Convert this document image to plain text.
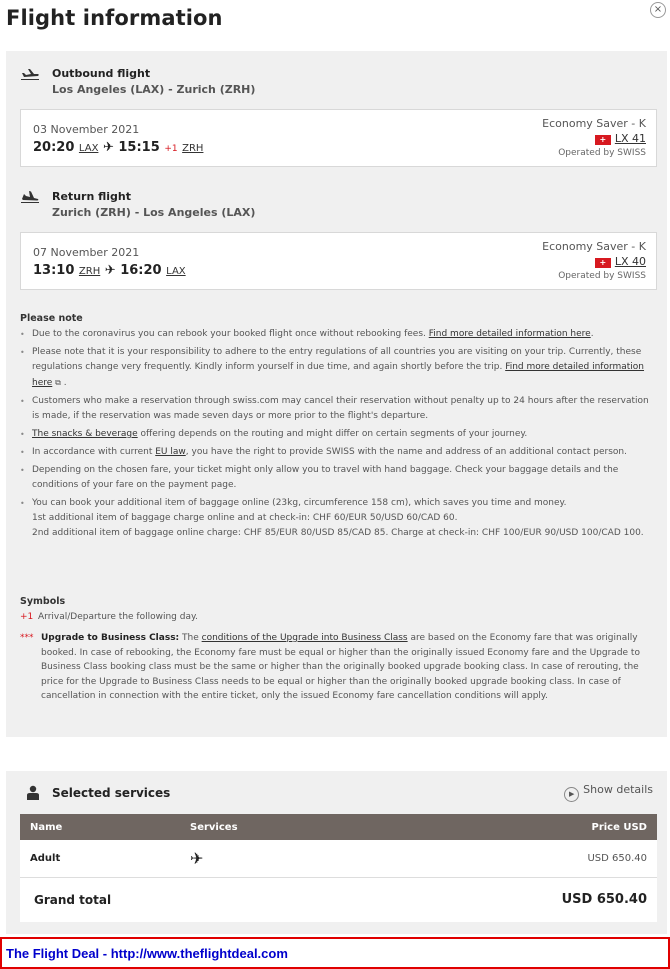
Flight information	×
Outbound flight
Los Angeles (LAX) - Zurich (ZRH)
03 November 2021
20:20 LAX ✈ 15:15 +1 ZRH
Economy Saver - K
+ LX 41
Operated by SWISS
Return flight
Zurich (ZRH) - Los Angeles (LAX)
07 November 2021
13:10 ZRH ✈ 16:20 LAX
Economy Saver - K
+ LX 40
Operated by SWISS
Please note
• Due to the coronavirus you can rebook your booked flight once without rebooking fees. Find more detailed information here.
• Please note that it is your responsibility to adhere to the entry regulations of all countries you are visiting on your trip. Currently, these regulations change very frequently. Kindly inform yourself in due time, and again shortly before the trip. Find more detailed information here ⧉ .
• Customers who make a reservation through swiss.com may cancel their reservation without penalty up to 24 hours after the reservation is made, if the reservation was made seven days or more prior to the flight's departure.
• The snacks & beverage offering depends on the routing and might differ on certain segments of your journey.
• In accordance with current EU law, you have the right to provide SWISS with the name and address of an additional contact person.
• Depending on the chosen fare, your ticket might only allow you to travel with hand baggage. Check your baggage details and the conditions of your fare on the payment page.
• You can book your additional item of baggage online (23kg, circumference 158 cm), which saves you time and money.
1st additional item of baggage charge online and at check-in: CHF 60/EUR 50/USD 60/CAD 60.
2nd additional item of baggage online charge: CHF 85/EUR 80/USD 85/CAD 85. Charge at check-in: CHF 100/EUR 90/USD 100/CAD 100.
Symbols
+1 Arrival/Departure the following day.
*** Upgrade to Business Class: The conditions of the Upgrade into Business Class are based on the Economy fare that was originally booked. In case of rebooking, the Economy fare must be equal or higher than the originally issued Economy fare and the Upgrade to Business Class booking class must be the same or higher than the originally booked upgrade booking class. In case of rerouting, the price for the Upgrade to Business Class needs to be equal or higher than the originally booked upgrade booking class. In case of cancellation in connection with the entire ticket, only the issued Economy fare cancellation conditions will apply.
Selected services	▶ Show details
Name	Services	Price USD
Adult	✈	USD 650.40
Grand total		USD 650.40
The Flight Deal - http://www.theflightdeal.com
